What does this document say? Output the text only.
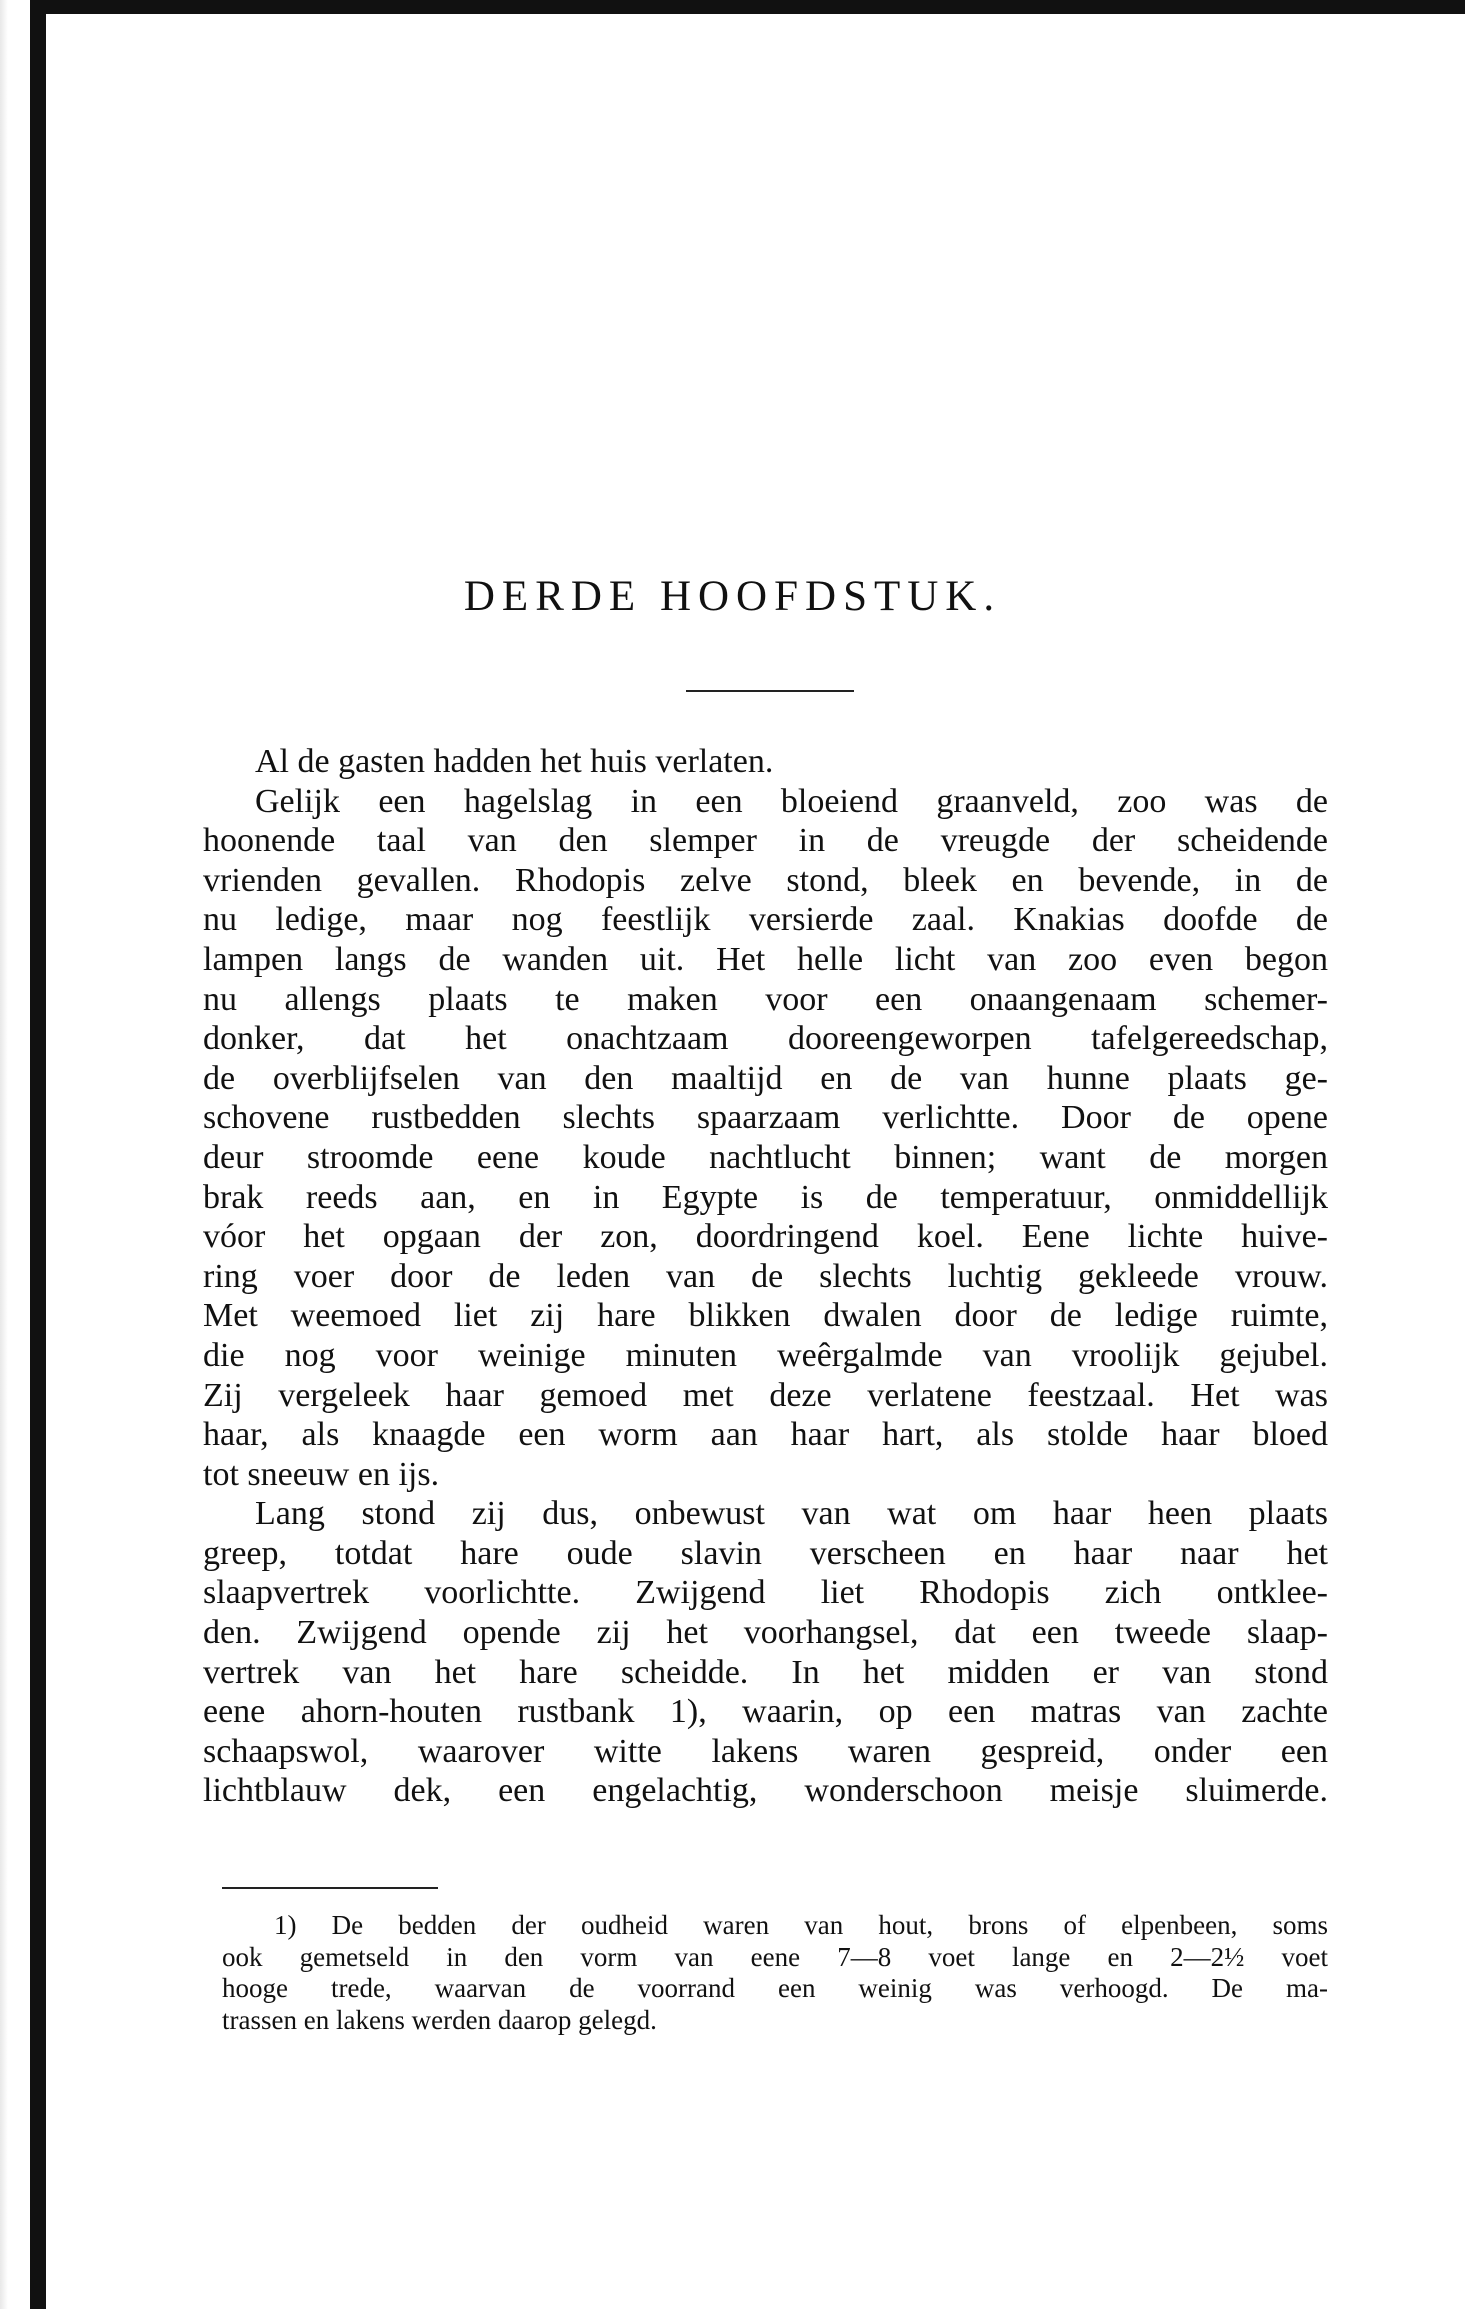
DERDE HOOFDSTUK.
Al de gasten hadden het huis verlaten.
Gelijk een hagelslag in een bloeiend graanveld, zoo was de
hoonende taal van den slemper in de vreugde der scheidende
vrienden gevallen. Rhodopis zelve stond, bleek en bevende, in de
nu ledige, maar nog feestlijk versierde zaal. Knakias doofde de
lampen langs de wanden uit. Het helle licht van zoo even begon
nu allengs plaats te maken voor een onaangenaam schemer-
donker, dat het onachtzaam dooreengeworpen tafelgereedschap,
de overblijfselen van den maaltijd en de van hunne plaats ge-
schovene rustbedden slechts spaarzaam verlichtte. Door de opene
deur stroomde eene koude nachtlucht binnen; want de morgen
brak reeds aan, en in Egypte is de temperatuur, onmiddellijk
vóor het opgaan der zon, doordringend koel. Eene lichte huive-
ring voer door de leden van de slechts luchtig gekleede vrouw.
Met weemoed liet zij hare blikken dwalen door de ledige ruimte,
die nog voor weinige minuten weêrgalmde van vroolijk gejubel.
Zij vergeleek haar gemoed met deze verlatene feestzaal. Het was
haar, als knaagde een worm aan haar hart, als stolde haar bloed
tot sneeuw en ijs.
Lang stond zij dus, onbewust van wat om haar heen plaats
greep, totdat hare oude slavin verscheen en haar naar het
slaapvertrek voorlichtte. Zwijgend liet Rhodopis zich ontklee-
den. Zwijgend opende zij het voorhangsel, dat een tweede slaap-
vertrek van het hare scheidde. In het midden er van stond
eene ahorn-houten rustbank 1), waarin, op een matras van zachte
schaapswol, waarover witte lakens waren gespreid, onder een
lichtblauw dek, een engelachtig, wonderschoon meisje sluimerde.
1) De bedden der oudheid waren van hout, brons of elpenbeen, soms
ook gemetseld in den vorm van eene 7—8 voet lange en 2—2½ voet
hooge trede, waarvan de voorrand een weinig was verhoogd. De ma-
trassen en lakens werden daarop gelegd.
